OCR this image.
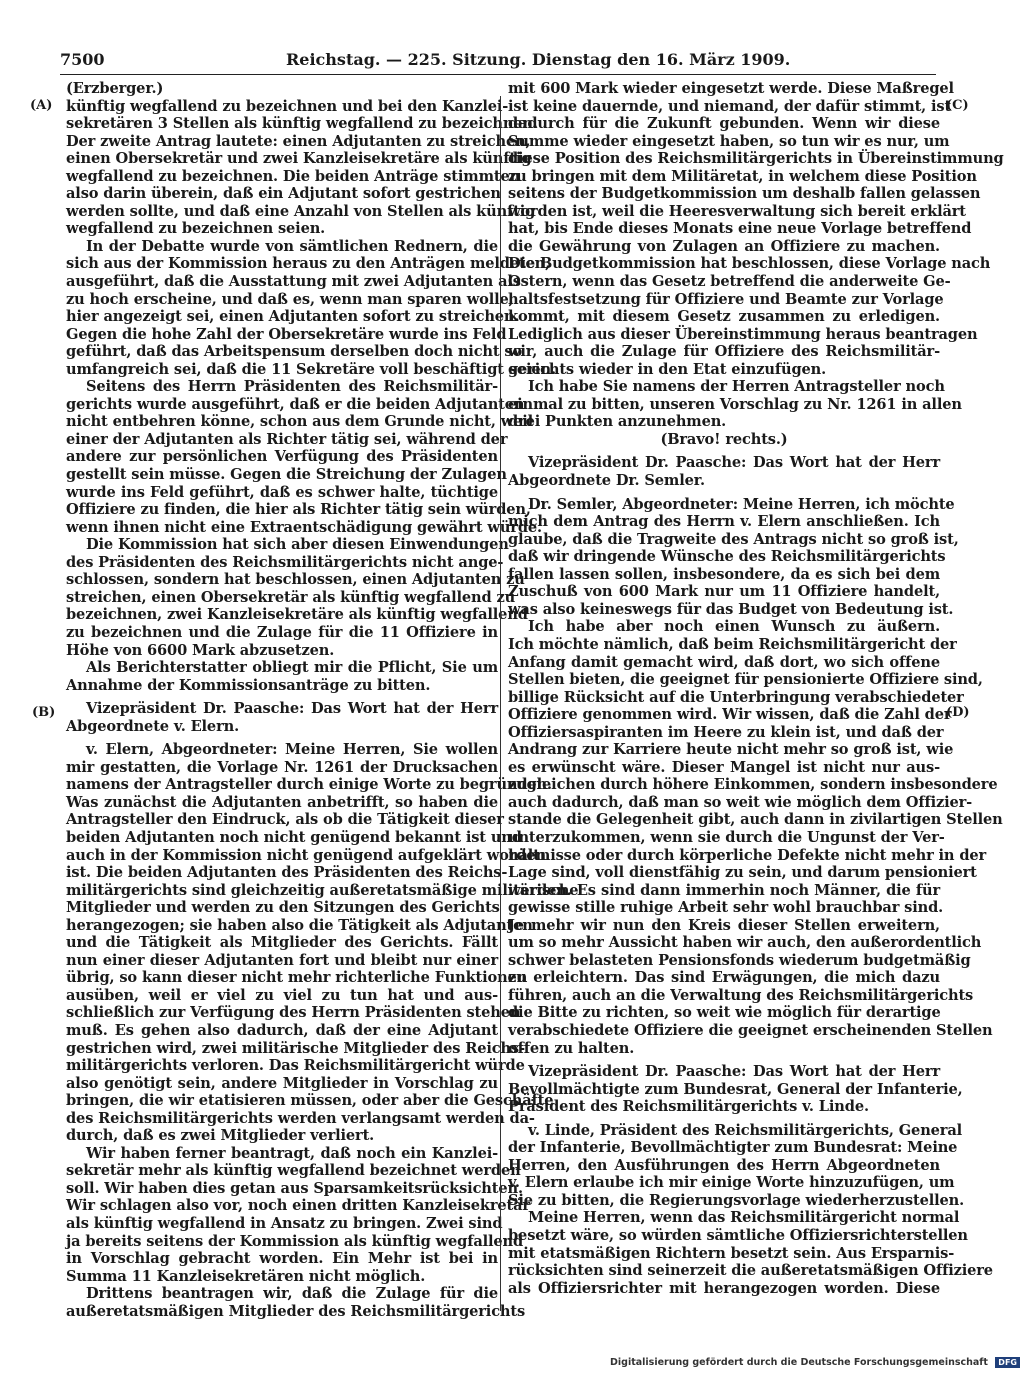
7500	Reichstag. — 225. Sitzung. Dienstag den 16. März 1909.
(Erzberger.)
künftig wegfallend zu bezeichnen und bei den Kanzlei-
sekretären 3 Stellen als künftig wegfallend zu bezeichnen.
Der zweite Antrag lautete: einen Adjutanten zu streichen,
einen Obersekretär und zwei Kanzleisekretäre als künftig
wegfallend zu bezeichnen. Die beiden Anträge stimmten
also darin überein, daß ein Adjutant sofort gestrichen
werden sollte, und daß eine Anzahl von Stellen als künftig
wegfallend zu bezeichnen seien.
In der Debatte wurde von sämtlichen Rednern, die
sich aus der Kommission heraus zu den Anträgen meldeten,
ausgeführt, daß die Ausstattung mit zwei Adjutanten als
zu hoch erscheine, und daß es, wenn man sparen wolle,
hier angezeigt sei, einen Adjutanten sofort zu streichen.
Gegen die hohe Zahl der Obersekretäre wurde ins Feld
geführt, daß das Arbeitspensum derselben doch nicht so
umfangreich sei, daß die 11 Sekretäre voll beschäftigt seien.
Seitens des Herrn Präsidenten des Reichsmilitär-
gerichts wurde ausgeführt, daß er die beiden Adjutanten
nicht entbehren könne, schon aus dem Grunde nicht, weil
einer der Adjutanten als Richter tätig sei, während der
andere zur persönlichen Verfügung des Präsidenten
gestellt sein müsse. Gegen die Streichung der Zulagen
wurde ins Feld geführt, daß es schwer halte, tüchtige
Offiziere zu finden, die hier als Richter tätig sein würden,
wenn ihnen nicht eine Extraentschädigung gewährt würde.
Die Kommission hat sich aber diesen Einwendungen
des Präsidenten des Reichsmilitärgerichts nicht ange-
schlossen, sondern hat beschlossen, einen Adjutanten zu
streichen, einen Obersekretär als künftig wegfallend zu
bezeichnen, zwei Kanzleisekretäre als künftig wegfallend
zu bezeichnen und die Zulage für die 11 Offiziere in
Höhe von 6600 Mark abzusetzen.
Als Berichterstatter obliegt mir die Pflicht, Sie um
Annahme der Kommissionsanträge zu bitten.
Vizepräsident Dr. Paasche: Das Wort hat der Herr
Abgeordnete v. Elern.
v. Elern, Abgeordneter: Meine Herren, Sie wollen
mir gestatten, die Vorlage Nr. 1261 der Drucksachen
namens der Antragsteller durch einige Worte zu begründen.
Was zunächst die Adjutanten anbetrifft, so haben die
Antragsteller den Eindruck, als ob die Tätigkeit dieser
beiden Adjutanten noch nicht genügend bekannt ist und
auch in der Kommission nicht genügend aufgeklärt worden
ist. Die beiden Adjutanten des Präsidenten des Reichs-
militärgerichts sind gleichzeitig außeretatsmäßige militärische
Mitglieder und werden zu den Sitzungen des Gerichts
herangezogen; sie haben also die Tätigkeit als Adjutanten
und die Tätigkeit als Mitglieder des Gerichts. Fällt
nun einer dieser Adjutanten fort und bleibt nur einer
übrig, so kann dieser nicht mehr richterliche Funktionen
ausüben, weil er viel zu viel zu tun hat und aus-
schließlich zur Verfügung des Herrn Präsidenten stehen
muß. Es gehen also dadurch, daß der eine Adjutant
gestrichen wird, zwei militärische Mitglieder des Reichs-
militärgerichts verloren. Das Reichsmilitärgericht würde
also genötigt sein, andere Mitglieder in Vorschlag zu
bringen, die wir etatisieren müssen, oder aber die Geschäfte
des Reichsmilitärgerichts werden verlangsamt werden da-
durch, daß es zwei Mitglieder verliert.
Wir haben ferner beantragt, daß noch ein Kanzlei-
sekretär mehr als künftig wegfallend bezeichnet werden
soll. Wir haben dies getan aus Sparsamkeitsrücksichten.
Wir schlagen also vor, noch einen dritten Kanzleisekretär
als künftig wegfallend in Ansatz zu bringen. Zwei sind
ja bereits seitens der Kommission als künftig wegfallend
in Vorschlag gebracht worden. Ein Mehr ist bei in
Summa 11 Kanzleisekretären nicht möglich.
Drittens beantragen wir, daß die Zulage für die
außeretatsmäßigen Mitglieder des Reichsmilitärgerichts
mit 600 Mark wieder eingesetzt werde. Diese Maßregel
ist keine dauernde, und niemand, der dafür stimmt, ist
dadurch für die Zukunft gebunden. Wenn wir diese
Summe wieder eingesetzt haben, so tun wir es nur, um
diese Position des Reichsmilitärgerichts in Übereinstimmung
zu bringen mit dem Militäretat, in welchem diese Position
seitens der Budgetkommission um deshalb fallen gelassen
worden ist, weil die Heeresverwaltung sich bereit erklärt
hat, bis Ende dieses Monats eine neue Vorlage betreffend
die Gewährung von Zulagen an Offiziere zu machen.
Die Budgetkommission hat beschlossen, diese Vorlage nach
Ostern, wenn das Gesetz betreffend die anderweite Ge-
haltsfestsetzung für Offiziere und Beamte zur Vorlage
kommt, mit diesem Gesetz zusammen zu erledigen.
Lediglich aus dieser Übereinstimmung heraus beantragen
wir, auch die Zulage für Offiziere des Reichsmilitär-
gerichts wieder in den Etat einzufügen.
Ich habe Sie namens der Herren Antragsteller noch
einmal zu bitten, unseren Vorschlag zu Nr. 1261 in allen
drei Punkten anzunehmen.
(Bravo! rechts.)
Vizepräsident Dr. Paasche: Das Wort hat der Herr
Abgeordnete Dr. Semler.
Dr. Semler, Abgeordneter: Meine Herren, ich möchte
mich dem Antrag des Herrn v. Elern anschließen. Ich
glaube, daß die Tragweite des Antrags nicht so groß ist,
daß wir dringende Wünsche des Reichsmilitärgerichts
fallen lassen sollen, insbesondere, da es sich bei dem
Zuschuß von 600 Mark nur um 11 Offiziere handelt,
was also keineswegs für das Budget von Bedeutung ist.
Ich habe aber noch einen Wunsch zu äußern.
Ich möchte nämlich, daß beim Reichsmilitärgericht der
Anfang damit gemacht wird, daß dort, wo sich offene
Stellen bieten, die geeignet für pensionierte Offiziere sind,
billige Rücksicht auf die Unterbringung verabschiedeter
Offiziere genommen wird. Wir wissen, daß die Zahl der
Offiziersaspiranten im Heere zu klein ist, und daß der
Andrang zur Karriere heute nicht mehr so groß ist, wie
es erwünscht wäre. Dieser Mangel ist nicht nur aus-
zugleichen durch höhere Einkommen, sondern insbesondere
auch dadurch, daß man so weit wie möglich dem Offizier-
stande die Gelegenheit gibt, auch dann in zivilartigen Stellen
unterzukommen, wenn sie durch die Ungunst der Ver-
hältnisse oder durch körperliche Defekte nicht mehr in der
Lage sind, voll dienstfähig zu sein, und darum pensioniert
werden. Es sind dann immerhin noch Männer, die für
gewisse stille ruhige Arbeit sehr wohl brauchbar sind.
Je mehr wir nun den Kreis dieser Stellen erweitern,
um so mehr Aussicht haben wir auch, den außerordentlich
schwer belasteten Pensionsfonds wiederum budgetmäßig
zu erleichtern. Das sind Erwägungen, die mich dazu
führen, auch an die Verwaltung des Reichsmilitärgerichts
die Bitte zu richten, so weit wie möglich für derartige
verabschiedete Offiziere die geeignet erscheinenden Stellen
offen zu halten.
Vizepräsident Dr. Paasche: Das Wort hat der Herr
Bevollmächtigte zum Bundesrat, General der Infanterie,
Präsident des Reichsmilitärgerichts v. Linde.
v. Linde, Präsident des Reichsmilitärgerichts, General
der Infanterie, Bevollmächtigter zum Bundesrat: Meine
Herren, den Ausführungen des Herrn Abgeordneten
v. Elern erlaube ich mir einige Worte hinzuzufügen, um
Sie zu bitten, die Regierungsvorlage wiederherzustellen.
Meine Herren, wenn das Reichsmilitärgericht normal
besetzt wäre, so würden sämtliche Offiziersrichterstellen
mit etatsmäßigen Richtern besetzt sein. Aus Ersparnis-
rücksichten sind seinerzeit die außeretatsmäßigen Offiziere
als Offiziersrichter mit herangezogen worden. Diese
(A)
(B)
(C)
(D)
Digitalisierung gefördert durch die Deutsche Forschungsgemeinschaft DFG
